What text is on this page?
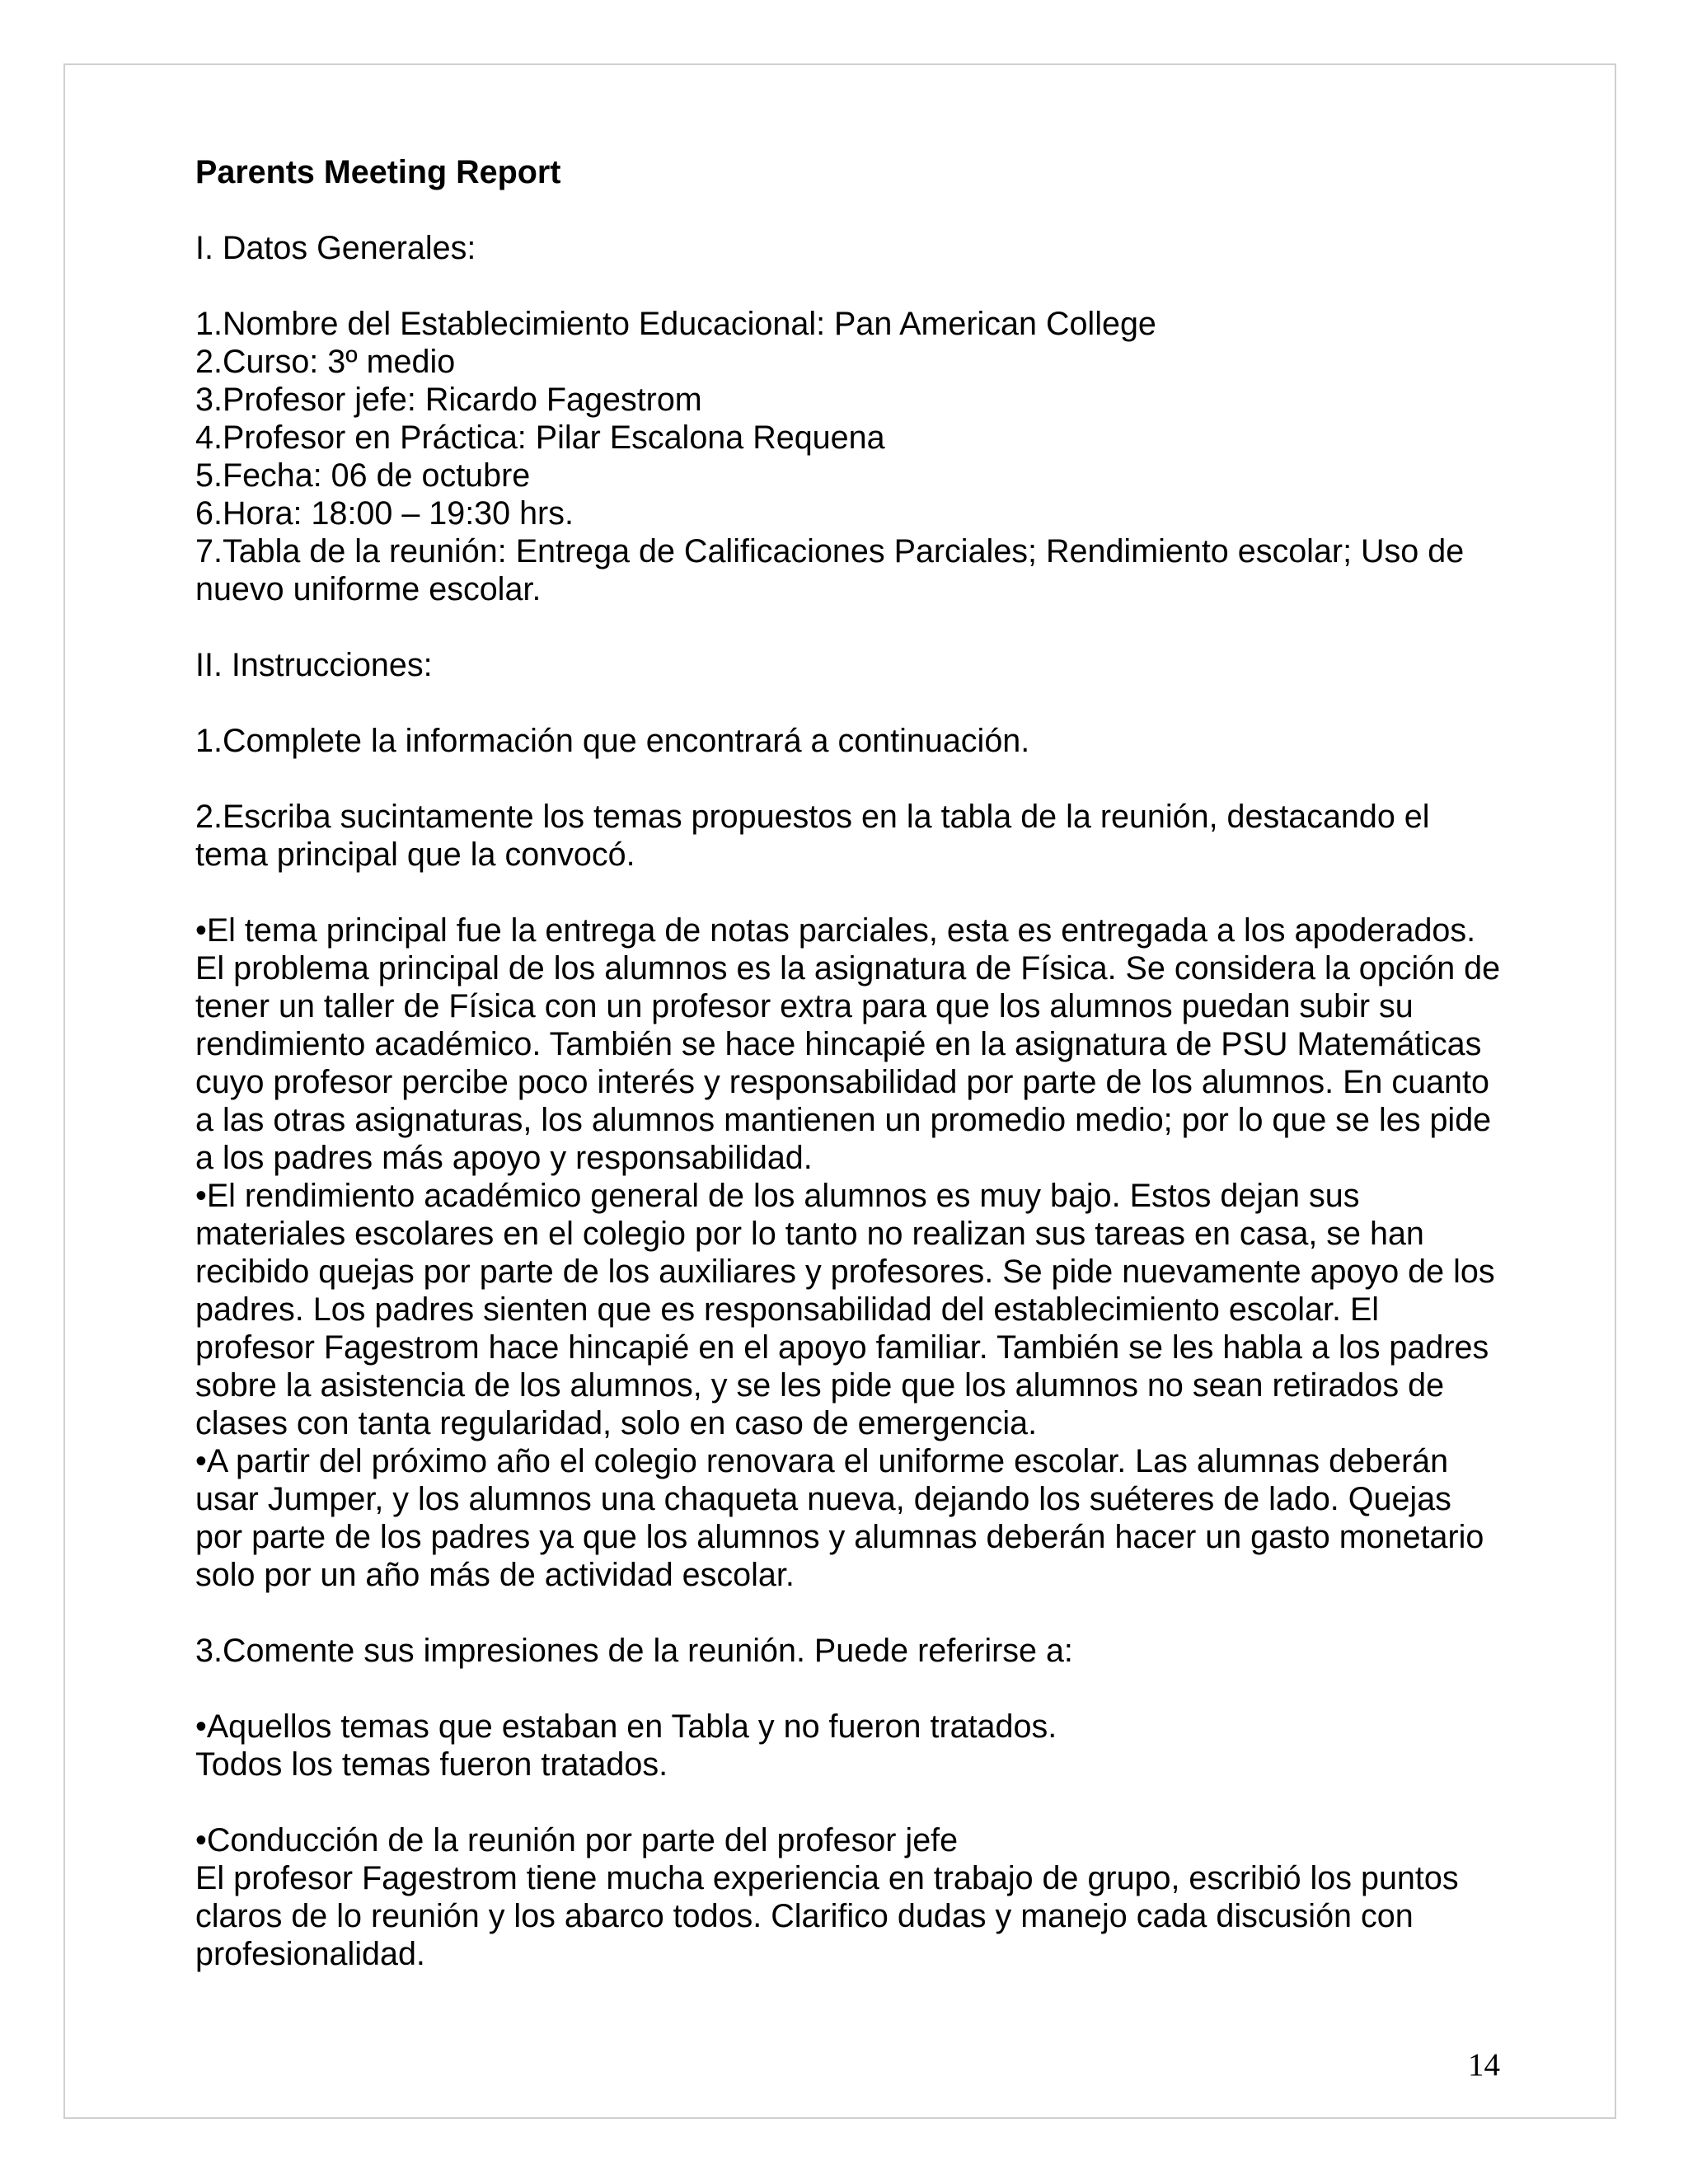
Parents Meeting Report

I. Datos Generales:

1.Nombre del Establecimiento Educacional: Pan American College

2.Curso: 3º medio

3.Profesor jefe: Ricardo Fagestrom

4.Profesor en Práctica: Pilar Escalona Requena

5.Fecha: 06 de octubre

6.Hora: 18:00 – 19:30 hrs.

7.Tabla de la reunión: Entrega de Calificaciones Parciales; Rendimiento escolar; Uso de nuevo uniforme escolar.

II. Instrucciones:

1.Complete la información que encontrará a continuación.

2.Escriba sucintamente los temas propuestos en la tabla de la reunión, destacando el tema principal que la convocó.

•El tema principal fue la entrega de notas parciales, esta es entregada a los apoderados. El problema principal de los alumnos es la asignatura de Física. Se considera la opción de tener un taller de Física con un profesor extra para que los alumnos puedan subir su rendimiento académico. También se hace hincapié en la asignatura de PSU Matemáticas cuyo profesor percibe poco interés y responsabilidad por parte de los alumnos. En cuanto a las otras asignaturas, los alumnos mantienen un promedio medio; por lo que se les pide a los padres más apoyo y responsabilidad.

•El rendimiento académico general de los alumnos es muy bajo. Estos dejan sus materiales escolares en el colegio por lo tanto no realizan sus tareas en casa, se han recibido quejas por parte de los auxiliares y profesores. Se pide nuevamente apoyo de los padres. Los padres sienten que es responsabilidad del establecimiento escolar. El profesor Fagestrom hace hincapié en el apoyo familiar. También se les habla a los padres sobre la asistencia de los alumnos, y se les pide que los alumnos no sean retirados de clases con tanta regularidad, solo en caso de emergencia.

•A partir del próximo año el colegio renovara el uniforme escolar. Las alumnas deberán usar Jumper, y los alumnos una chaqueta nueva, dejando los suéteres de lado. Quejas por parte de los padres ya que los alumnos y alumnas deberán hacer un gasto monetario solo por un año más de actividad escolar.

3.Comente sus impresiones de la reunión. Puede referirse a:

•Aquellos temas que estaban en Tabla y no fueron tratados.

Todos los temas fueron tratados.

•Conducción de la reunión por parte del profesor jefe

El profesor Fagestrom tiene mucha experiencia en trabajo de grupo, escribió los puntos claros de lo reunión y los abarco todos. Clarifico dudas y manejo cada discusión con profesionalidad.

14
